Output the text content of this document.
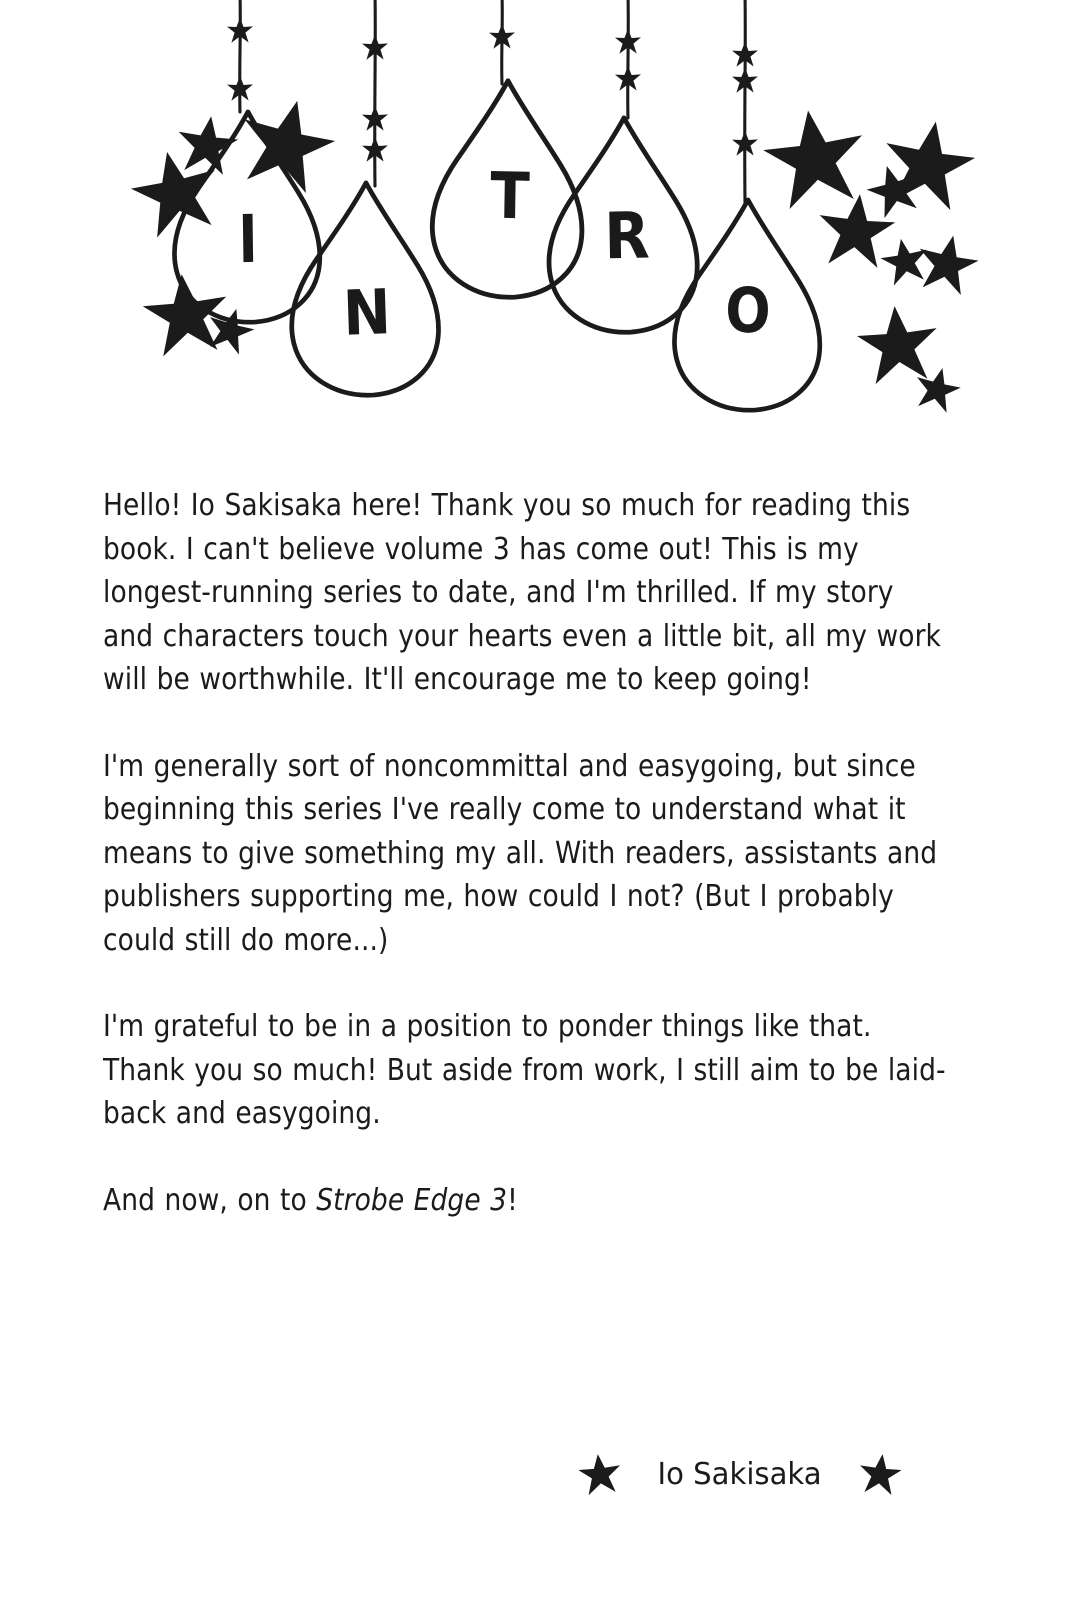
I
N
T
R
O

Hello! Io Sakisaka here! Thank you so much for reading this book. I can't believe volume 3 has come out! This is my longest-running series to date, and I'm thrilled. If my story and characters touch your hearts even a little bit, all my work will be worthwhile. It'll encourage me to keep going!

I'm generally sort of noncommittal and easygoing, but since beginning this series I've really come to understand what it means to give something my all. With readers, assistants and publishers supporting me, how could I not? (But I probably could still do more...)

I'm grateful to be in a position to ponder things like that. Thank you so much! But aside from work, I still aim to be laid-back and easygoing.

And now, on to Strobe Edge 3!

Io Sakisaka
